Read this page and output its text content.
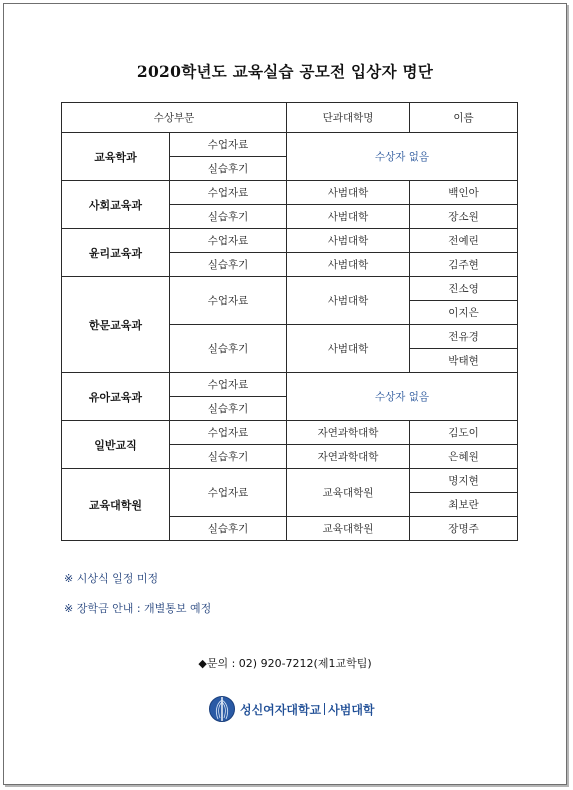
2020학년도 교육실습 공모전 입상자 명단
수상부문		단과대학명	이름
교육학과	수업자료	수상자 없음	
	실습후기		
사회교육과	수업자료	사범대학	백인아
	실습후기	사범대학	장소원
윤리교육과	수업자료	사범대학	전예린
	실습후기	사범대학	김주현
한문교육과	수업자료	사범대학	진소영
			이지은
	실습후기	사범대학	전유경
			박태현
유아교육과	수업자료	수상자 없음	
	실습후기		
일반교직	수업자료	자연과학대학	김도이
	실습후기	자연과학대학	은혜원
교육대학원	수업자료	교육대학원	명지현
			최보란
	실습후기	교육대학원	장명주
※ 시상식 일정 미정
※ 장학금 안내 : 개별통보 예정
◆문의 : 02) 920-7212(제1교학팀)
성신여자대학교 사범대학
